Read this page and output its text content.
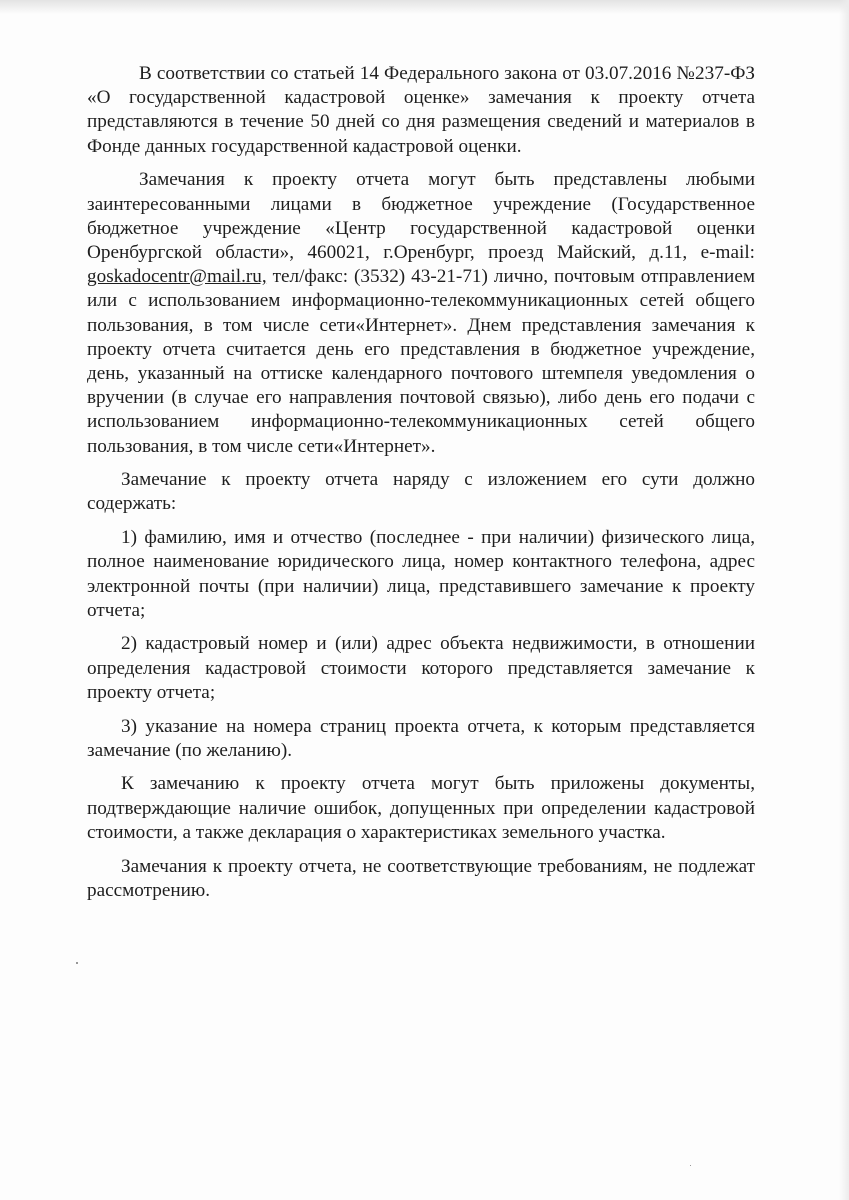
В соответствии со статьей 14 Федерального закона от 03.07.2016 №237-ФЗ «О государственной кадастровой оценке» замечания к проекту отчета представляются в течение 50 дней со дня размещения сведений и материалов в Фонде данных государственной кадастровой оценки.

Замечания к проекту отчета могут быть представлены любыми заинтересованными лицами в бюджетное учреждение (Государственное бюджетное учреждение «Центр государственной кадастровой оценки Оренбургской области», 460021, г.Оренбург, проезд Майский, д.11, e-mail: goskadocentr@mail.ru, тел/факс: (3532) 43-21-71) лично, почтовым отправлением или с использованием информационно-телекоммуникационных сетей общего пользования, в том числе сети«Интернет». Днем представления замечания к проекту отчета считается день его представления в бюджетное учреждение, день, указанный на оттиске календарного почтового штемпеля уведомления о вручении (в случае его направления почтовой связью), либо день его подачи с использованием информационно-телекоммуникационных сетей общего пользования, в том числе сети«Интернет».

Замечание к проекту отчета наряду с изложением его сути должно содержать:

1) фамилию, имя и отчество (последнее - при наличии) физического лица, полное наименование юридического лица, номер контактного телефона, адрес электронной почты (при наличии) лица, представившего замечание к проекту отчета;

2) кадастровый номер и (или) адрес объекта недвижимости, в отношении определения кадастровой стоимости которого представляется замечание к проекту отчета;

3) указание на номера страниц проекта отчета, к которым представляется замечание (по желанию).

К замечанию к проекту отчета могут быть приложены документы, подтверждающие наличие ошибок, допущенных при определении кадастровой стоимости, а также декларация о характеристиках земельного участка.

Замечания к проекту отчета, не соответствующие требованиям, не подлежат рассмотрению.
